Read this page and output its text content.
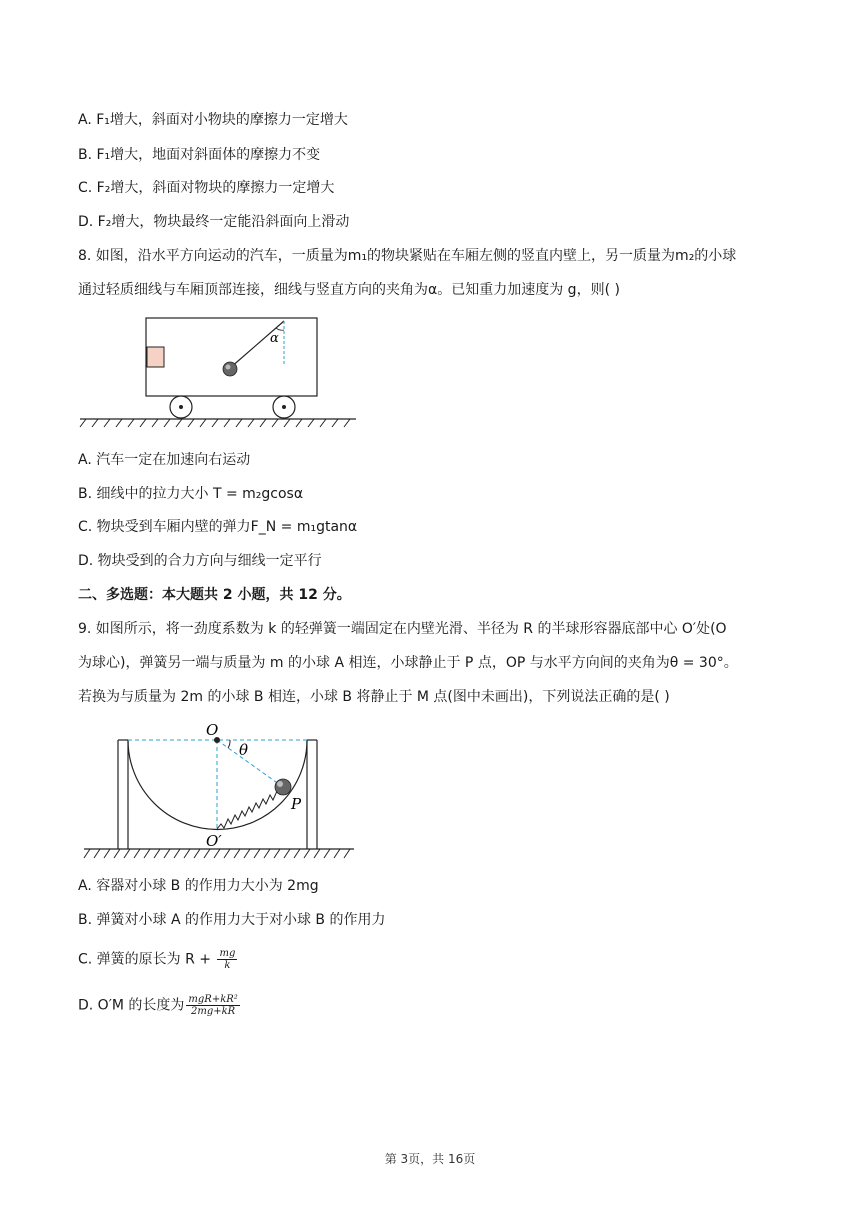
A. F₁增大，斜面对小物块的摩擦力一定增大
B. F₁增大，地面对斜面体的摩擦力不变
C. F₂增大，斜面对物块的摩擦力一定增大
D. F₂增大，物块最终一定能沿斜面向上滑动
8. 如图，沿水平方向运动的汽车，一质量为m₁的物块紧贴在车厢左侧的竖直内壁上，另一质量为m₂的小球
通过轻质细线与车厢顶部连接，细线与竖直方向的夹角为α。已知重力加速度为 g，则( )
α
A. 汽车一定在加速向右运动
B. 细线中的拉力大小 T = m₂gcosα
C. 物块受到车厢内壁的弹力F_N = m₁gtanα
D. 物块受到的合力方向与细线一定平行
二、多选题：本大题共 2 小题，共 12 分。
9. 如图所示，将一劲度系数为 k 的轻弹簧一端固定在内壁光滑、半径为 R 的半球形容器底部中心 O′处(O
为球心)，弹簧另一端与质量为 m 的小球 A 相连，小球静止于 P 点，OP 与水平方向间的夹角为θ = 30°。
若换为与质量为 2m 的小球 B 相连，小球 B 将静止于 M 点(图中未画出)，下列说法正确的是( )
θ
O
P
O′
A. 容器对小球 B 的作用力大小为 2mg
B. 弹簧对小球 A 的作用力大于对小球 B 的作用力
C. 弹簧的原长为 $R + \frac{mg}{k}$
D. O′M 的长度为 $\frac{\text{mgR+kR²}}{2mg+kR}$
第 3页，共 16页
